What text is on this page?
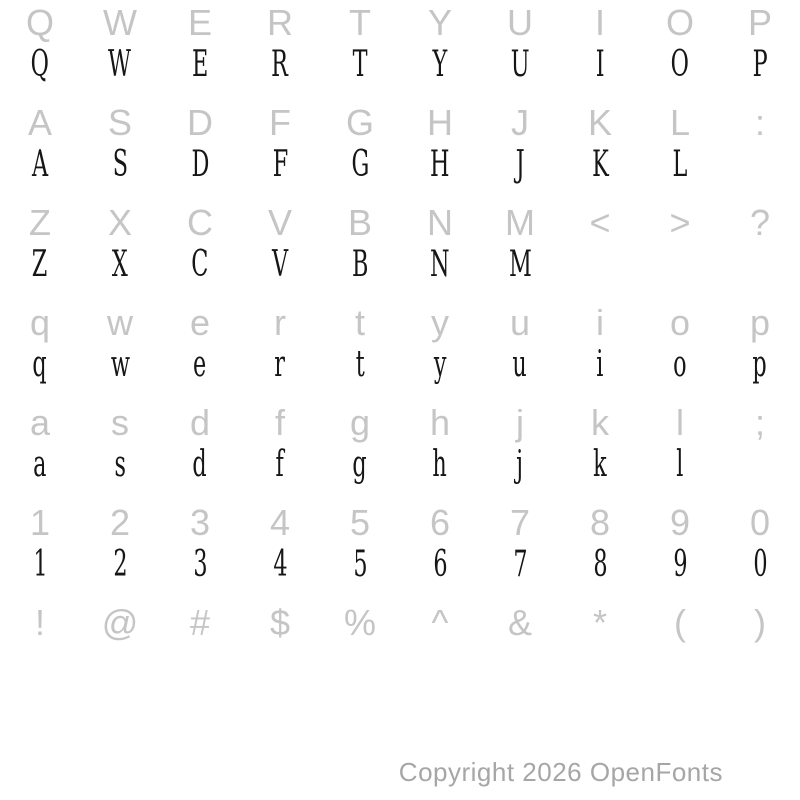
Q	W	E	R	T	Y	U	I	O	P
Q	W	E	R	T	Y	U	I	O	P
A	S	D	F	G	H	J	K	L	:
A	S	D	F	G	H	J	K	L
Z	X	C	V	B	N	M	<	>	?
Z	X	C	V	B	N	M
q	w	e	r	t	y	u	i	o	p
q	w	e	r	t	y	u	i	o	p
a	s	d	f	g	h	j	k	l	;
a	s	d	f	g	h	j	k	l
1	2	3	4	5	6	7	8	9	0
1	2	3	4	5	6	7	8	9	0
!	@	#	$	%	^	&	*	(	)
Copyright 2026 OpenFonts
